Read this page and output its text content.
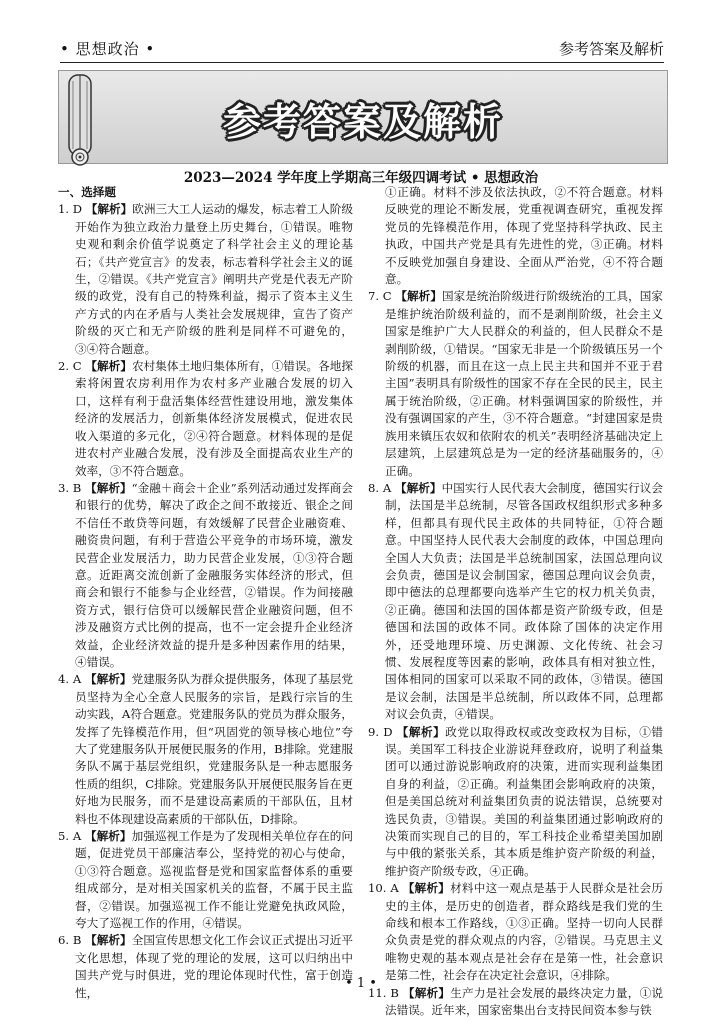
• 思想政治 •	参考答案及解析
参考答案及解析
2023—2024 学年度上学期高三年级四调考试 • 思想政治
一、选择题
1. D 【解析】欧洲三大工人运动的爆发，标志着工人阶级开始作为独立政治力量登上历史舞台，①错误。唯物史观和剩余价值学说奠定了科学社会主义的理论基石；《共产党宣言》的发表，标志着科学社会主义的诞生，②错误。《共产党宣言》阐明共产党是代表无产阶级的政党，没有自己的特殊利益，揭示了资本主义生产方式的内在矛盾与人类社会发展规律，宣告了资产阶级的灭亡和无产阶级的胜利是同样不可避免的，③④符合题意。
2. C 【解析】农村集体土地归集体所有，①错误。各地探索将闲置农房利用作为农村多产业融合发展的切入口，这样有利于盘活集体经营性建设用地，激发集体经济的发展活力，创新集体经济发展模式，促进农民收入渠道的多元化，②④符合题意。材料体现的是促进农村产业融合发展，没有涉及全面提高农业生产的效率，③不符合题意。
3. B 【解析】“金融＋商会＋企业”系列活动通过发挥商会和银行的优势，解决了政企之间不敢接近、银企之间不信任不敢贷等问题，有效缓解了民营企业融资难、融资贵问题，有利于营造公平竞争的市场环境，激发民营企业发展活力，助力民营企业发展，①③符合题意。近距离交流创新了金融服务实体经济的形式，但商会和银行不能参与企业经营，②错误。作为间接融资方式，银行信贷可以缓解民营企业融资问题，但不涉及融资方式比例的提高，也不一定会提升企业经济效益，企业经济效益的提升是多种因素作用的结果，④错误。
4. A 【解析】党建服务队为群众提供服务，体现了基层党员坚持为全心全意人民服务的宗旨，是践行宗旨的生动实践，A符合题意。党建服务队的党员为群众服务，发挥了先锋模范作用，但“巩固党的领导核心地位”夸大了党建服务队开展便民服务的作用，B排除。党建服务队不属于基层党组织，党建服务队是一种志愿服务性质的组织，C排除。党建服务队开展便民服务旨在更好地为民服务，而不是建设高素质的干部队伍，且材料也不体现建设高素质的干部队伍，D排除。
5. A 【解析】加强巡视工作是为了发现相关单位存在的问题，促进党员干部廉洁奉公，坚持党的初心与使命，①③符合题意。巡视监督是党和国家监督体系的重要组成部分，是对相关国家机关的监督，不属于民主监督，②错误。加强巡视工作不能让党避免执政风险，夸大了巡视工作的作用，④错误。
6. B 【解析】全国宣传思想文化工作会议正式提出习近平文化思想，体现了党的理论的发展，这可以归纳出中国共产党与时俱进，党的理论体现时代性，富于创造性，
①正确。材料不涉及依法执政，②不符合题意。材料反映党的理论不断发展，党重视调查研究，重视发挥党员的先锋模范作用，体现了党坚持科学执政、民主执政，中国共产党是具有先进性的党，③正确。材料不反映党加强自身建设、全面从严治党，④不符合题意。
7. C 【解析】国家是统治阶级进行阶级统治的工具，国家是维护统治阶级利益的，而不是剥削阶级，社会主义国家是维护广大人民群众的利益的，但人民群众不是剥削阶级，①错误。“国家无非是一个阶级镇压另一个阶级的机器，而且在这一点上民主共和国并不亚于君主国”表明具有阶级性的国家不存在全民的民主，民主属于统治阶级，②正确。材料强调国家的阶级性，并没有强调国家的产生，③不符合题意。“封建国家是贵族用来镇压农奴和依附农的机关”表明经济基础决定上层建筑，上层建筑总是为一定的经济基础服务的，④正确。
8. A 【解析】中国实行人民代表大会制度，德国实行议会制，法国是半总统制，尽管各国政权组织形式多种多样，但都具有现代民主政体的共同特征，①符合题意。中国坚持人民代表大会制度的政体，中国总理向全国人大负责；法国是半总统制国家，法国总理向议会负责，德国是议会制国家，德国总理向议会负责，即中德法的总理都要向选举产生它的权力机关负责，②正确。德国和法国的国体都是资产阶级专政，但是德国和法国的政体不同。政体除了国体的决定作用外，还受地理环境、历史渊源、文化传统、社会习惯、发展程度等因素的影响，政体具有相对独立性，国体相同的国家可以采取不同的政体，③错误。德国是议会制，法国是半总统制，所以政体不同，总理都对议会负责，④错误。
9. D 【解析】政党以取得政权或改变政权为目标，①错误。美国军工科技企业游说拜登政府，说明了利益集团可以通过游说影响政府的决策，进而实现利益集团自身的利益，②正确。利益集团会影响政府的决策，但是美国总统对利益集团负责的说法错误，总统要对选民负责，③错误。美国的利益集团通过影响政府的决策而实现自己的目的，军工科技企业希望美国加剧与中俄的紧张关系，其本质是维护资产阶级的利益，维护资产阶级专政，④正确。
10. A 【解析】材料中这一观点是基于人民群众是社会历史的主体，是历史的创造者，群众路线是我们党的生命线和根本工作路线，①③正确。坚持一切向人民群众负责是党的群众观点的内容，②错误。马克思主义唯物史观的基本观点是社会存在是第一性，社会意识是第二性，社会存在决定社会意识，④排除。
11. B 【解析】生产力是社会发展的最终决定力量，①说法错误。近年来，国家密集出台支持民间资本参与铁
• 1 •
